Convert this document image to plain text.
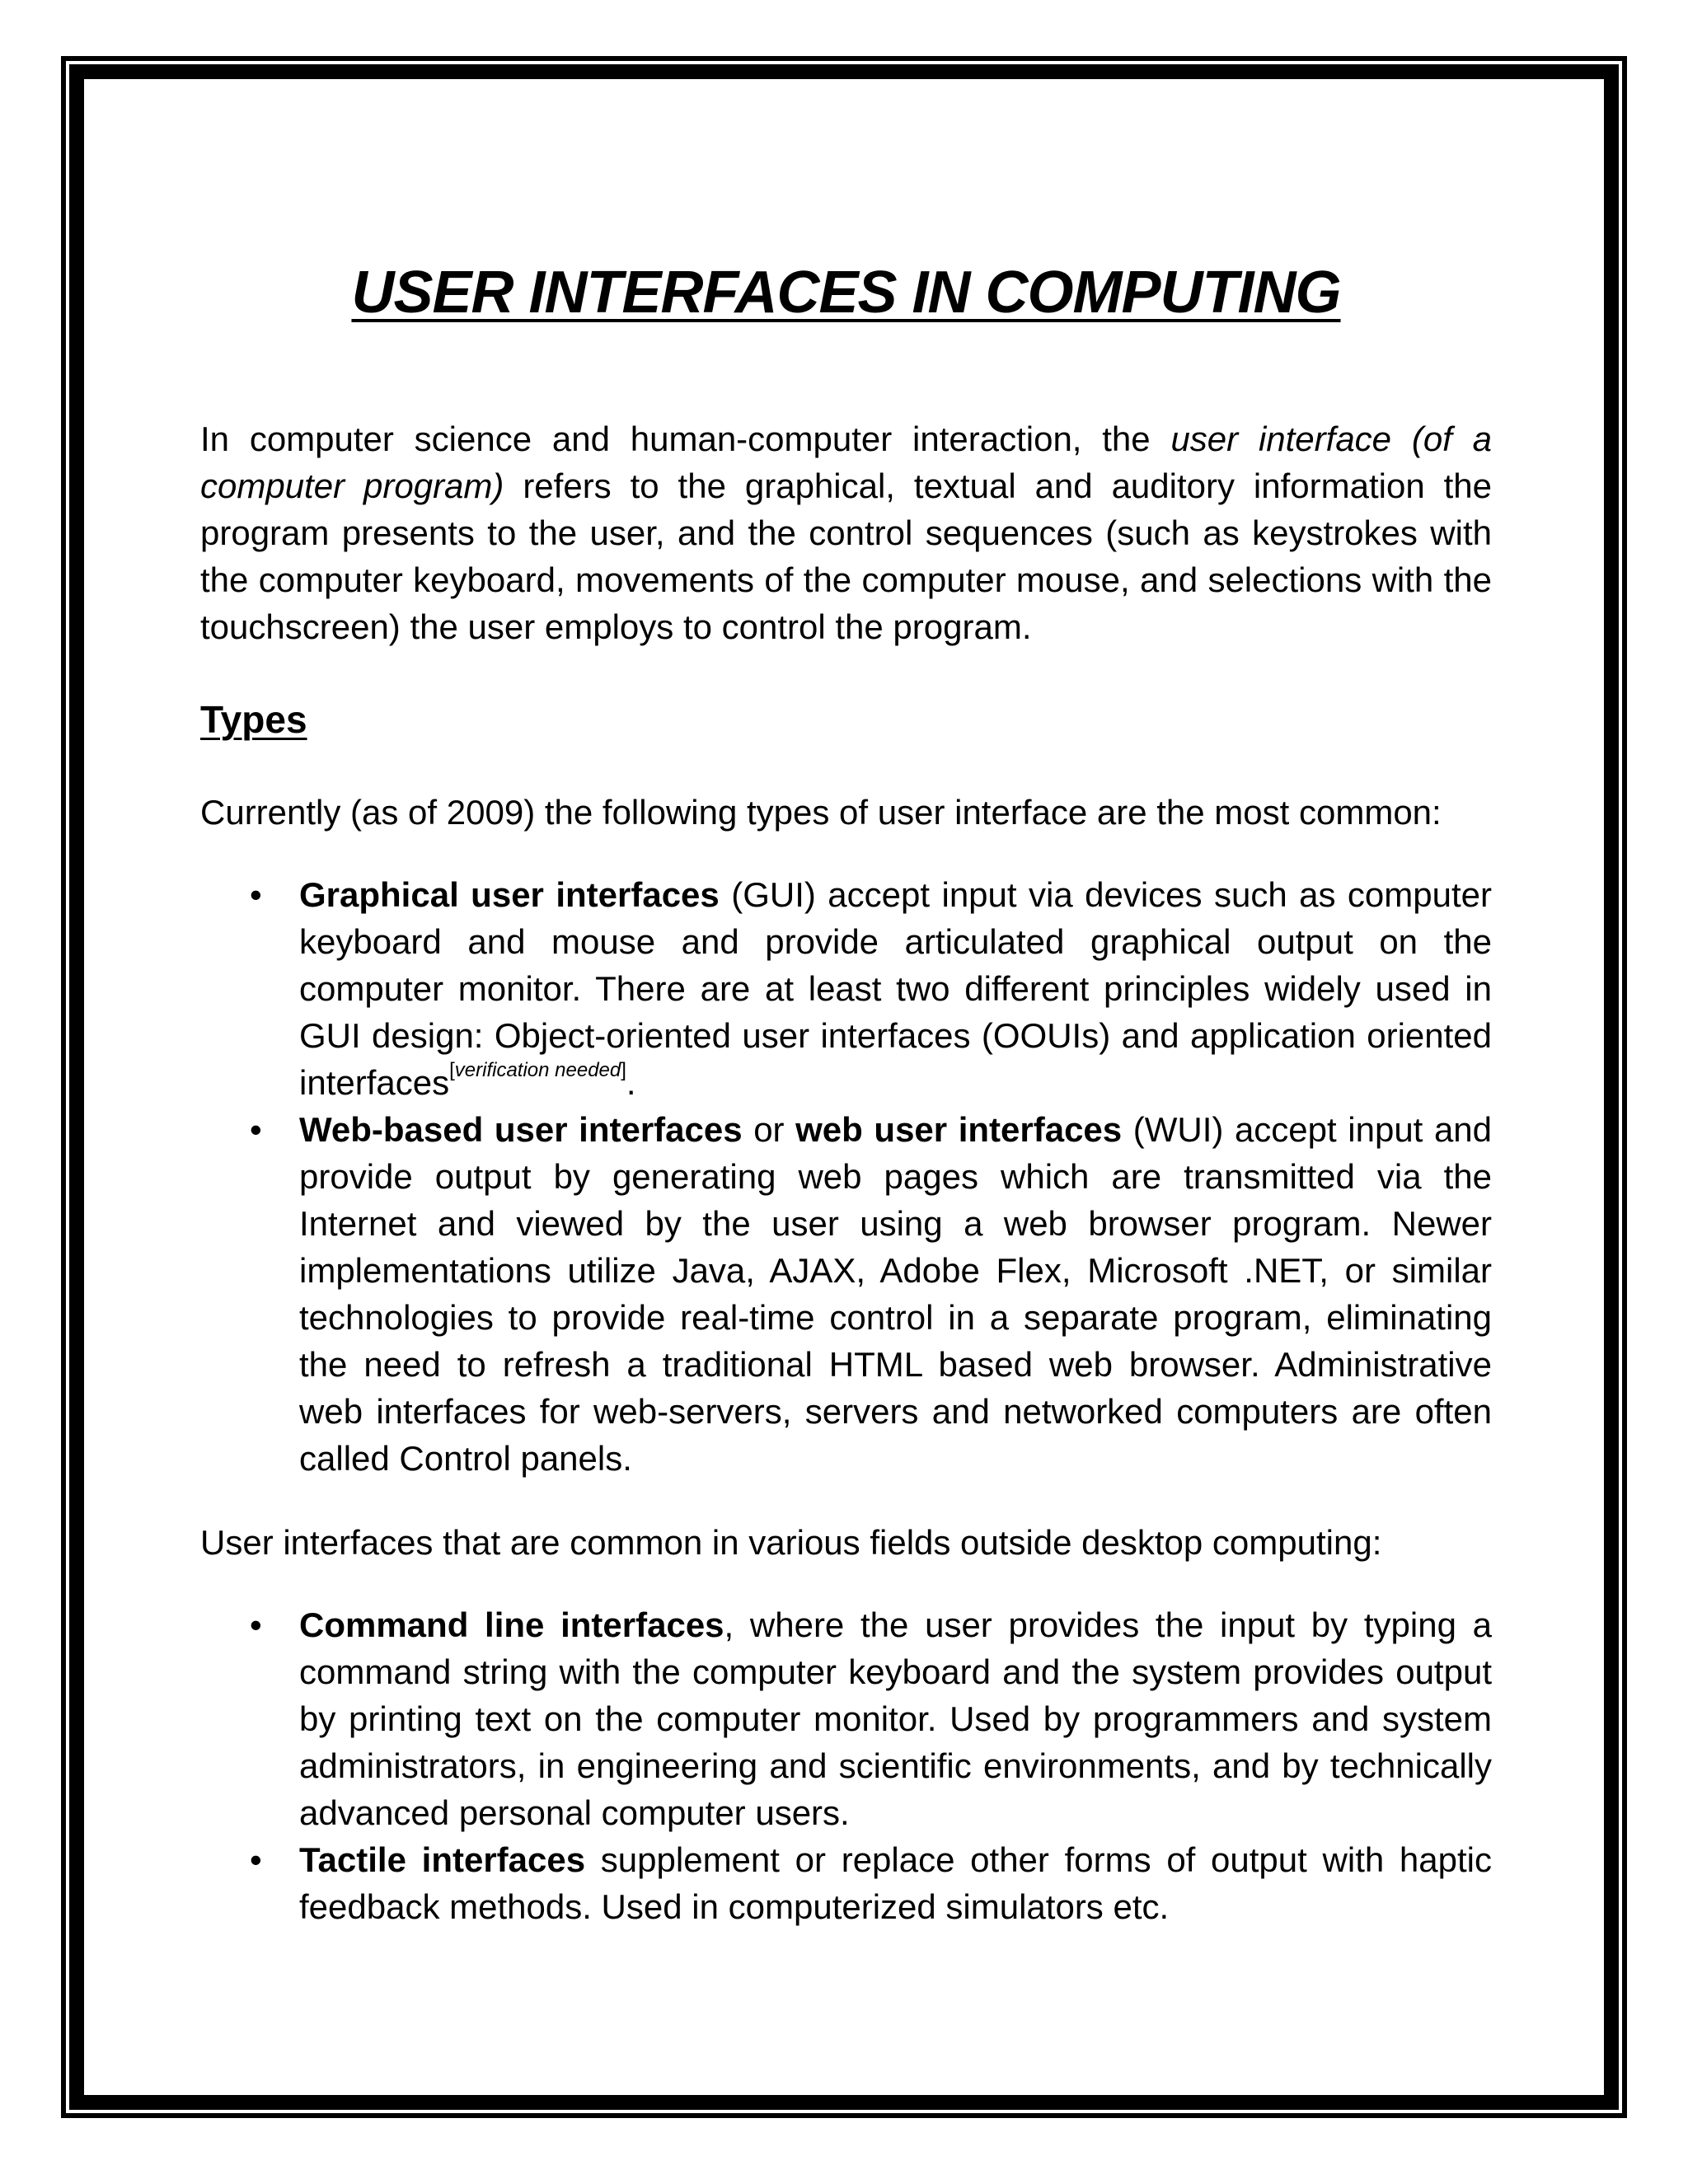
USER INTERFACES IN COMPUTING

In computer science and human-computer interaction, the user interface (of a computer program) refers to the graphical, textual and auditory information the program presents to the user, and the control sequences (such as keystrokes with the computer keyboard, movements of the computer mouse, and selections with the touchscreen) the user employs to control the program.

Types

Currently (as of 2009) the following types of user interface are the most common:

• Graphical user interfaces (GUI) accept input via devices such as computer keyboard and mouse and provide articulated graphical output on the computer monitor. There are at least two different principles widely used in GUI design: Object-oriented user interfaces (OOUIs) and application oriented interfaces[verification needed].
• Web-based user interfaces or web user interfaces (WUI) accept input and provide output by generating web pages which are transmitted via the Internet and viewed by the user using a web browser program. Newer implementations utilize Java, AJAX, Adobe Flex, Microsoft .NET, or similar technologies to provide real-time control in a separate program, eliminating the need to refresh a traditional HTML based web browser. Administrative web interfaces for web-servers, servers and networked computers are often called Control panels.

User interfaces that are common in various fields outside desktop computing:

• Command line interfaces, where the user provides the input by typing a command string with the computer keyboard and the system provides output by printing text on the computer monitor. Used by programmers and system administrators, in engineering and scientific environments, and by technically advanced personal computer users.
• Tactile interfaces supplement or replace other forms of output with haptic feedback methods. Used in computerized simulators etc.
